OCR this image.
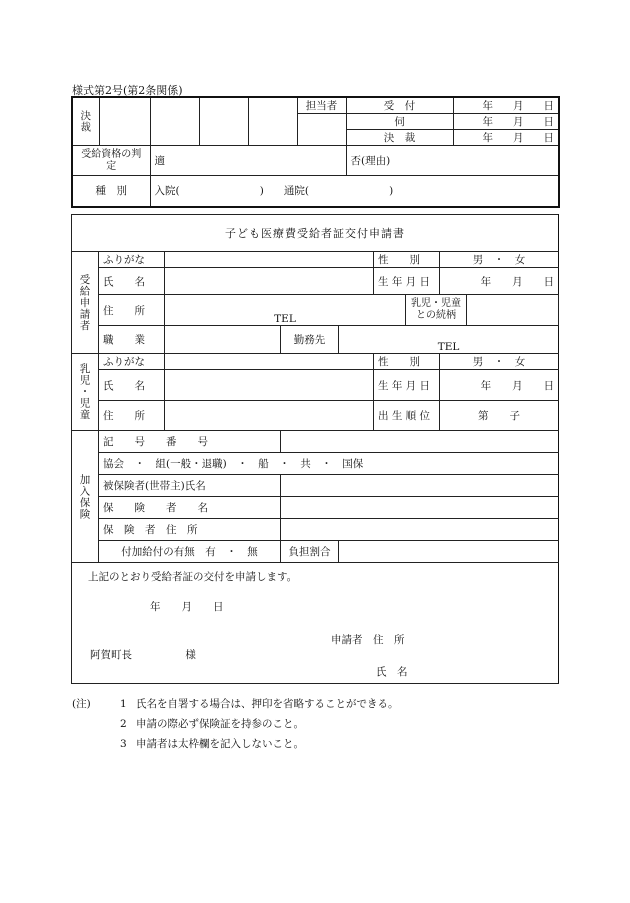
様式第2号(第2条関係)
決裁					担当者	受　付	年 月 日
						伺	年 月 日
						決　裁	年 月 日
受給資格の判定		適				否(理由)	
種　別		入院( ) 通院( )					
子ども医療費受給者証交付申請書								
受給申請者	ふりがな				性　　別		男　・　女	
	氏　　名				生 年 月 日		年　　月　　日	
	住　　所	TEL				乳児・児童との続柄		
	職　　業		勤務先	TEL				

乳児・児童	ふりがな				性　　別		男　・　女	
	氏　　名				生 年 月 日		年　　月　　日	
	住　　所				出 生 順 位		第　　子	
加入保険	記　　号　　番　　号							
	協会　・　組(一般・退職)　・　船　・　共　・　国保							
	被保険者(世帯主)氏名							
	保　　険　　者　　名							
	保　険　者　住　所							
	付加給付の有無　有　・　無		負担割合					

上記のとおり受給者証の交付を申請します。
年　　月　　日
申請者　住　所
阿賀町長 様
氏　名								
(注)	1 氏名を自署する場合は、押印を省略することができる。
2 申請の際必ず保険証を持参のこと。
3 申請者は太枠欄を記入しないこと。
